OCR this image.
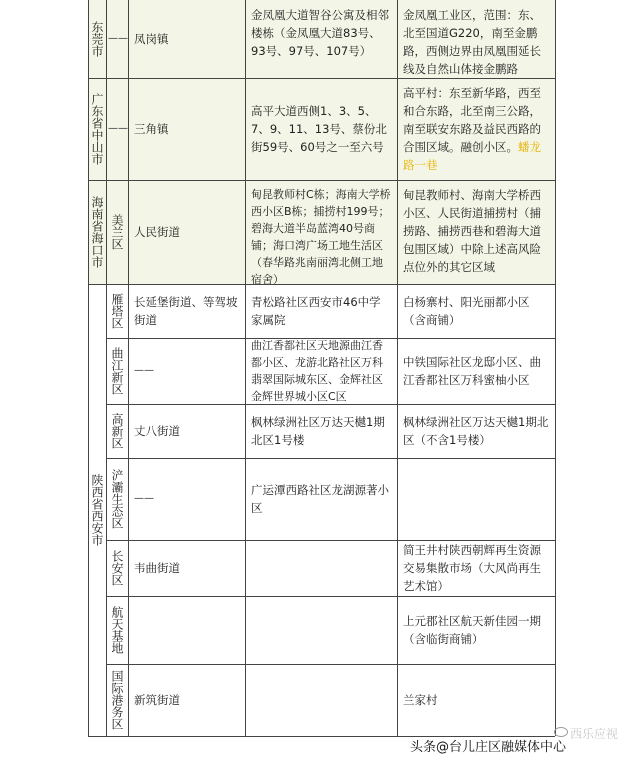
东莞市 —— 凤岗镇
金凤凰大道智谷公寓及相邻楼栋（金凤凰大道83号、93号、97号、107号）
金凤凰工业区，范围：东、北至国道G220，南至金鹏路，西侧边界由凤凰围延长线及自然山体接金鹏路
广东省中山市 —— 三角镇
高平大道西侧1、3、5、7、9、11、13号、蔡份北街59号、60号之一至六号
高平村：东至新华路，西至和合东路，北至南三公路，南至联安东路及益民西路的合围区域。融创小区。蟠龙路一巷
海南省海口市 美兰区 人民街道
甸昆教师村C栋；海南大学桥西小区B栋；捕捞村199号；碧海大道半岛蓝湾40号商铺；海口湾广场工地生活区（春华路兆南丽湾北侧工地宿舍）
甸昆教师村、海南大学桥西小区、人民街道捕捞村（捕捞路、捕捞西巷和碧海大道包围区域）中除上述高风险点位外的其它区域
陕西省西安市
雁塔区 长延堡街道、等驾坡街道
青松路社区西安市46中学家属院
白杨寨村、阳光丽都小区（含商铺）
曲江新区 ——
曲江香都社区天地源曲江香都小区、龙游北路社区万科翡翠国际城东区、金辉社区金辉世界城小区C区
中铁国际社区龙邸小区、曲江香都社区万科蜜柚小区
高新区 丈八街道
枫林绿洲社区万达天樾1期北区1号楼
枫林绿洲社区万达天樾1期北区（不含1号楼）
浐灞生态区 ——
广运潭西路社区龙湖源著小区
长安区 韦曲街道
简王井村陕西朝辉再生资源交易集散市场（大风尚再生艺术馆）
航天基地	上元郡社区航天新佳园一期（含临街商铺）
国际港务区 新筑街道	兰家村
头条@台儿庄区融媒体中心
西乐应视
